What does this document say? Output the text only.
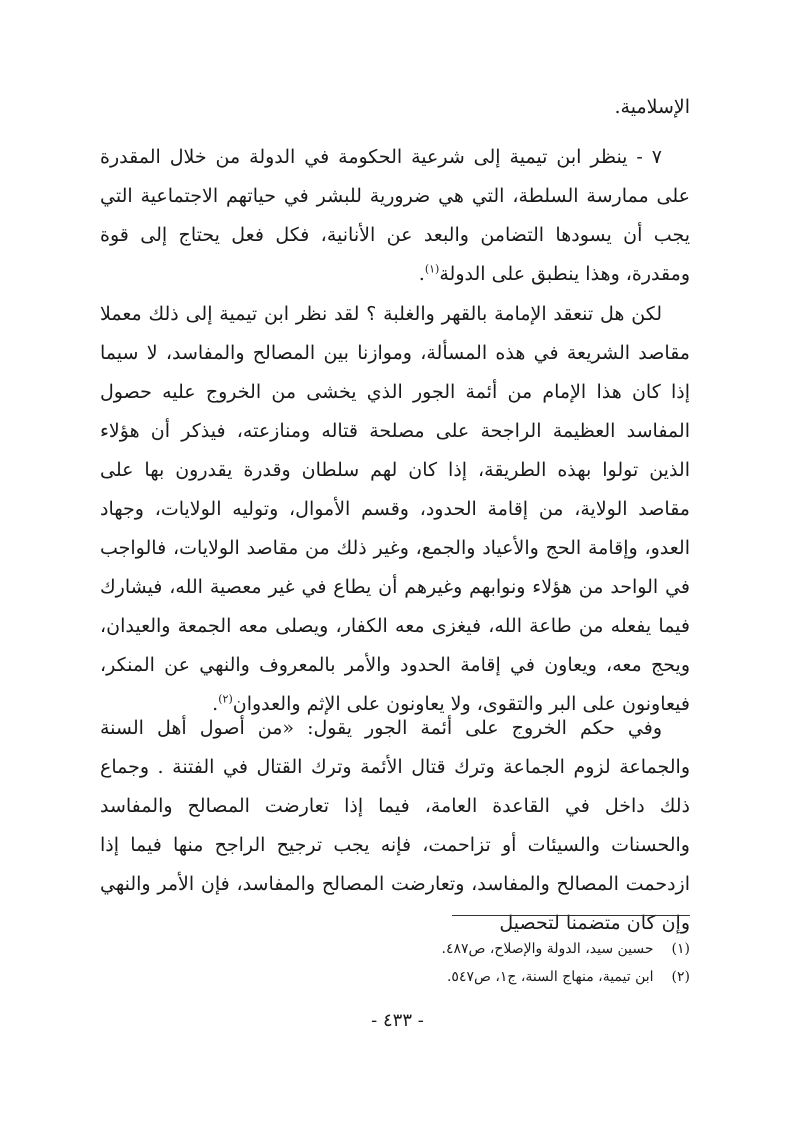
الإسلامية.

٧ - ينظر ابن تيمية إلى شرعية الحكومة في الدولة من خلال المقدرة على ممارسة السلطة، التي هي ضرورية للبشر في حياتهم الاجتماعية التي يجب أن يسودها التضامن والبعد عن الأنانية، فكل فعل يحتاج إلى قوة ومقدرة، وهذا ينطبق على الدولة$^{(١)}$.

لكن هل تنعقد الإمامة بالقهر والغلبة ؟ لقد نظر ابن تيمية إلى ذلك معملا مقاصد الشريعة في هذه المسألة، وموازنا بين المصالح والمفاسد، لا سيما إذا كان هذا الإمام من أئمة الجور الذي يخشى من الخروج عليه حصول المفاسد العظيمة الراجحة على مصلحة قتاله ومنازعته، فيذكر أن هؤلاء الذين تولوا بهذه الطريقة، إذا كان لهم سلطان وقدرة يقدرون بها على مقاصد الولاية، من إقامة الحدود، وقسم الأموال، وتوليه الولايات، وجهاد العدو، وإقامة الحج والأعياد والجمع، وغير ذلك من مقاصد الولايات، فالواجب في الواحد من هؤلاء ونوابهم وغيرهم أن يطاع في غير معصية الله، فيشارك فيما يفعله من طاعة الله، فيغزى معه الكفار، ويصلى معه الجمعة والعيدان، ويحج معه، ويعاون في إقامة الحدود والأمر بالمعروف والنهي عن المنكر، فيعاونون على البر والتقوى، ولا يعاونون على الإثم والعدوان$^{(٢)}$.

وفي حكم الخروج على أئمة الجور يقول: «من أصول أهل السنة والجماعة لزوم الجماعة وترك قتال الأئمة وترك القتال في الفتنة . وجماع ذلك داخل في القاعدة العامة، فيما إذا تعارضت المصالح والمفاسد والحسنات والسيئات أو تزاحمت، فإنه يجب ترجيح الراجح منها فيما إذا ازدحمت المصالح والمفاسد، وتعارضت المصالح والمفاسد، فإن الأمر والنهي وإن كان متضمنا لتحصيل

(١) حسين سيد، الدولة والإصلاح، ص٤٨٧.
(٢) ابن تيمية، منهاج السنة، ج١، ص٥٤٧.
- ٤٣٣ -
